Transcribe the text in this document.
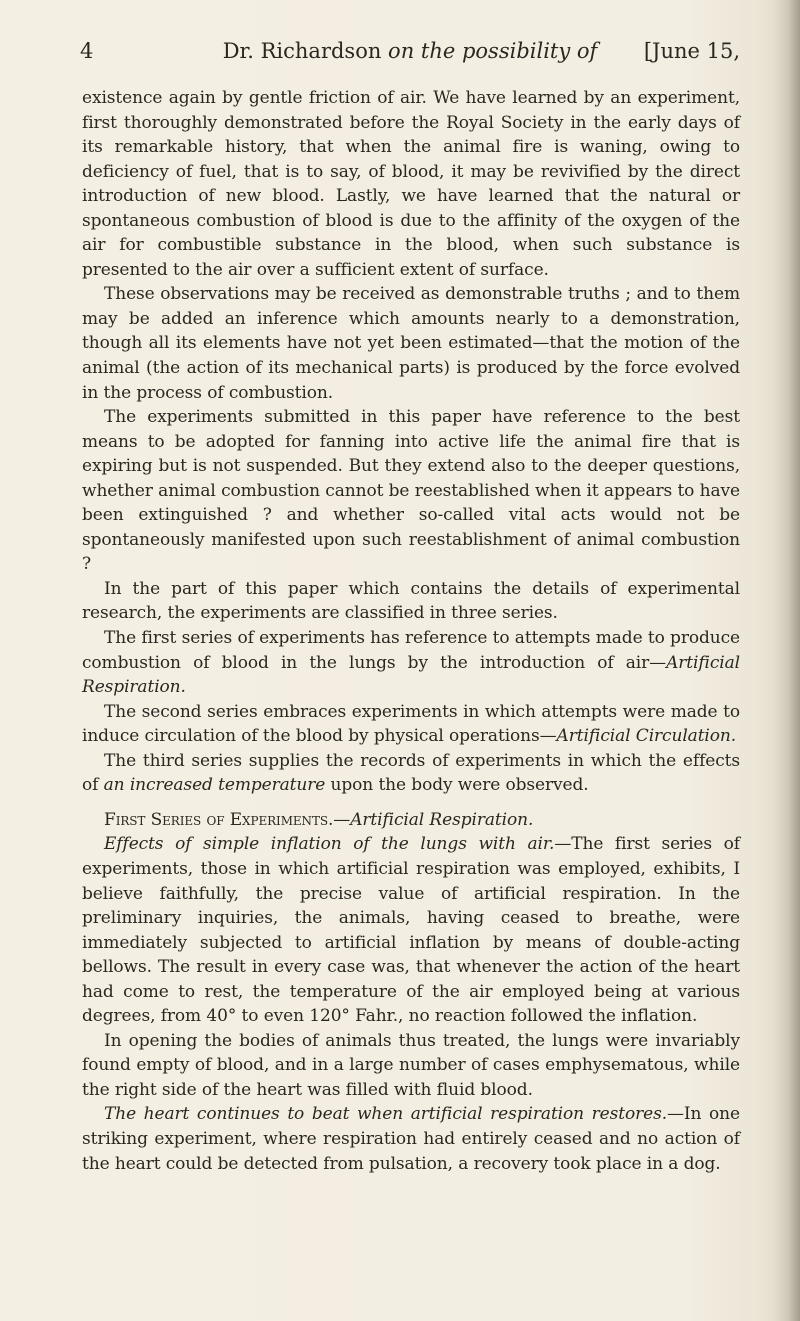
4	Dr. Richardson on the possibility of	[June 15,

existence again by gentle friction of air. We have learned by an experiment, first thoroughly demonstrated before the Royal Society in the early days of its remarkable history, that when the animal fire is waning, owing to deficiency of fuel, that is to say, of blood, it may be revivified by the direct introduction of new blood. Lastly, we have learned that the natural or spontaneous combustion of blood is due to the affinity of the oxygen of the air for combustible substance in the blood, when such substance is presented to the air over a sufficient extent of surface.

These observations may be received as demonstrable truths ; and to them may be added an inference which amounts nearly to a demonstration, though all its elements have not yet been estimated—that the motion of the animal (the action of its mechanical parts) is produced by the force evolved in the process of combustion.

The experiments submitted in this paper have reference to the best means to be adopted for fanning into active life the animal fire that is expiring but is not suspended. But they extend also to the deeper questions, whether animal combustion cannot be reestablished when it appears to have been extinguished ? and whether so-called vital acts would not be spontaneously manifested upon such reestablishment of animal combustion ?

In the part of this paper which contains the details of experimental research, the experiments are classified in three series.

The first series of experiments has reference to attempts made to produce combustion of blood in the lungs by the introduction of air—Artificial Respiration.

The second series embraces experiments in which attempts were made to induce circulation of the blood by physical operations—Artificial Circulation.

The third series supplies the records of experiments in which the effects of an increased temperature upon the body were observed.

First Series of Experiments.—Artificial Respiration.

Effects of simple inflation of the lungs with air.—The first series of experiments, those in which artificial respiration was employed, exhibits, I believe faithfully, the precise value of artificial respiration. In the preliminary inquiries, the animals, having ceased to breathe, were immediately subjected to artificial inflation by means of double-acting bellows. The result in every case was, that whenever the action of the heart had come to rest, the temperature of the air employed being at various degrees, from 40° to even 120° Fahr., no reaction followed the inflation.

In opening the bodies of animals thus treated, the lungs were invariably found empty of blood, and in a large number of cases emphysematous, while the right side of the heart was filled with fluid blood.

The heart continues to beat when artificial respiration restores.—In one striking experiment, where respiration had entirely ceased and no action of the heart could be detected from pulsation, a recovery took place in a dog.
